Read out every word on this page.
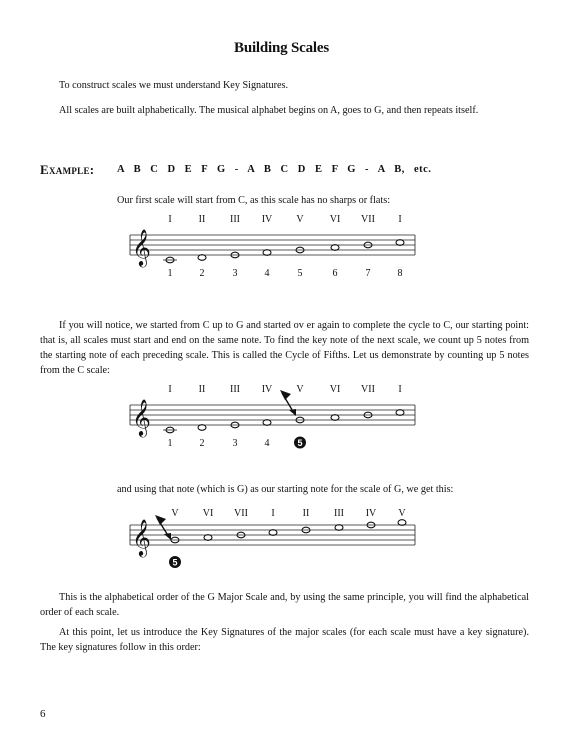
Building Scales
To construct scales we must understand Key Signatures.
All scales are built alphabetically. The musical alphabet begins on A, goes to G, and then repeats itself.
Example: A B C D E F G - A B C D E F G - A B, etc.
Our first scale will start from C, as this scale has no sharps or flats:
𝄞
I	II III IV V	VI VII I
1	2	3	4	5	6	7	8
If you will notice, we started from C up to G and started ov er again to complete the cycle to C, our starting point: that is, all scales must start and end on the same note. To find the key note of the next scale, we count up 5 notes from the starting note of each preceding scale. This is called the Cycle of Fifths. Let us demonstrate by counting up 5 notes from the C scale:
𝄞
I	II III IV V	VI VII I
1	2	3	4	5
and using that note (which is G) as our starting note for the scale of G, we get this:
𝄞
V VI VII I	II III IV V
5
This is the alphabetical order of the G Major Scale and, by using the same principle, you will find the alphabetical order of each scale.
At this point, let us introduce the Key Signatures of the major scales (for each scale must have a key signature). The key signatures follow in this order:
6
